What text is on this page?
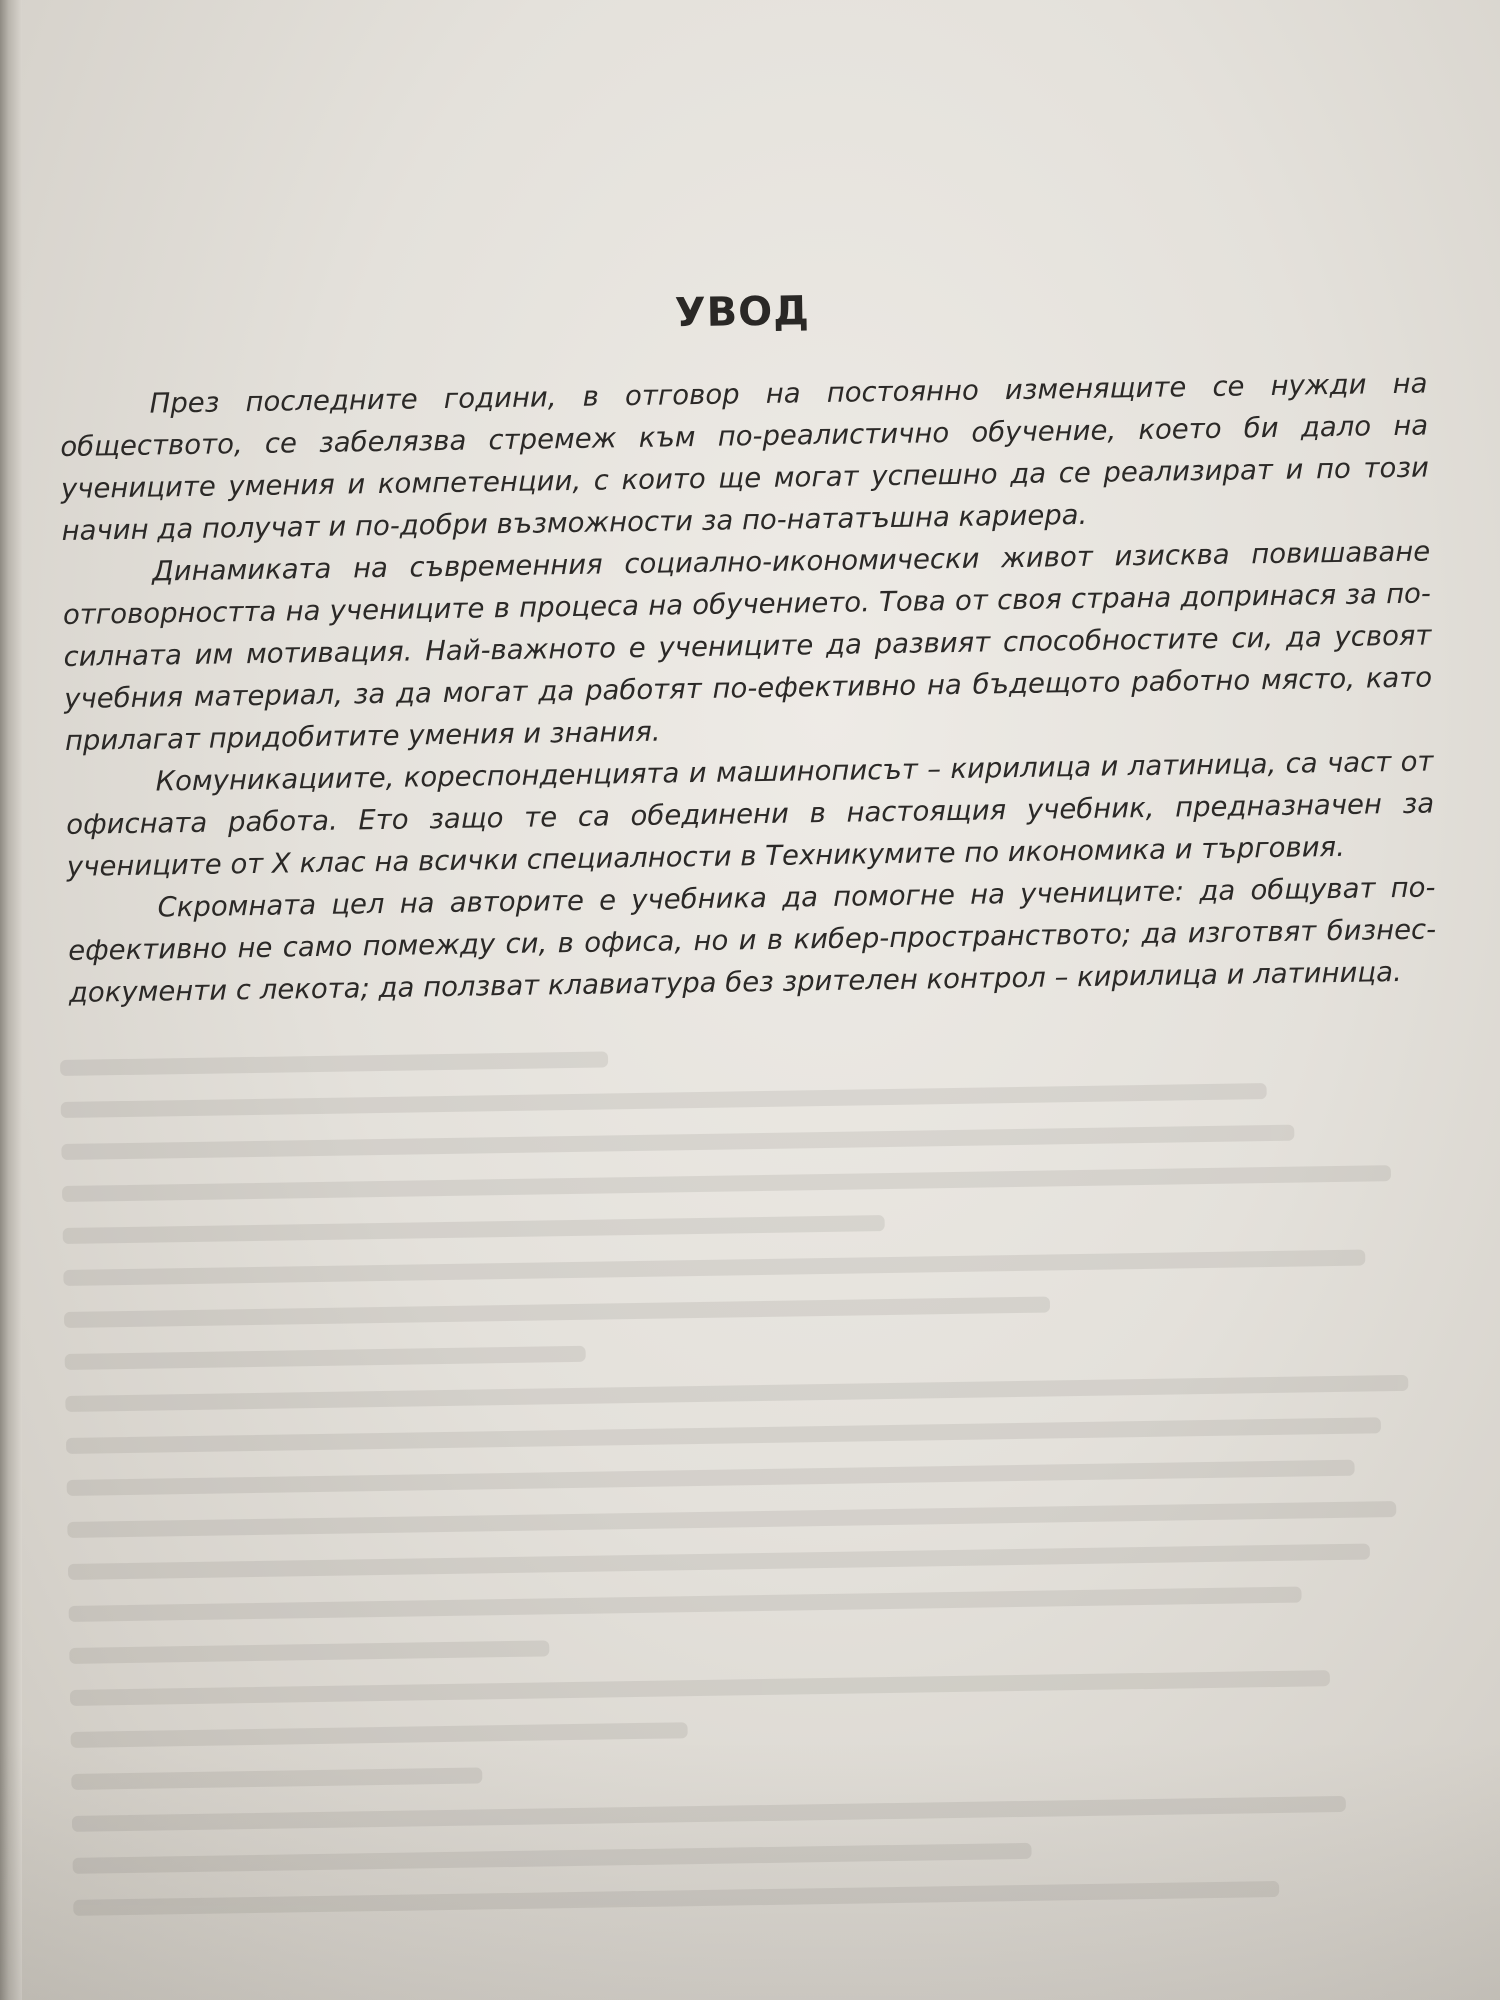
УВОД

През последните години, в отговор на постоянно изменящите се нужди на обществото, се забелязва стремеж към по-реалистично обучение, което би дало на учениците умения и компетенции, с които ще могат успешно да се реализират и по този начин да получат и по-добри възможности за по-нататъшна кариера.

Динамиката на съвременния социално-икономически живот изисква повишаване отговорността на учениците в процеса на обучението. Това от своя страна допринася за по-силната им мотивация. Най-важното е учениците да развият способностите си, да усвоят учебния материал, за да могат да работят по-ефективно на бъдещото работно място, като прилагат придобитите умения и знания.

Комуникациите, кореспонденцията и машинописът – кирилица и латиница, са част от офисната работа. Ето защо те са обединени в настоящия учебник, предназначен за учениците от X клас на всички специалности в Техникумите по икономика и търговия.

Скромната цел на авторите е учебника да помогне на учениците: да общуват по-ефективно не само помежду си, в офиса, но и в кибер-пространството; да изготвят бизнес-документи с лекота; да ползват клавиатура без зрителен контрол – кирилица и латиница.
